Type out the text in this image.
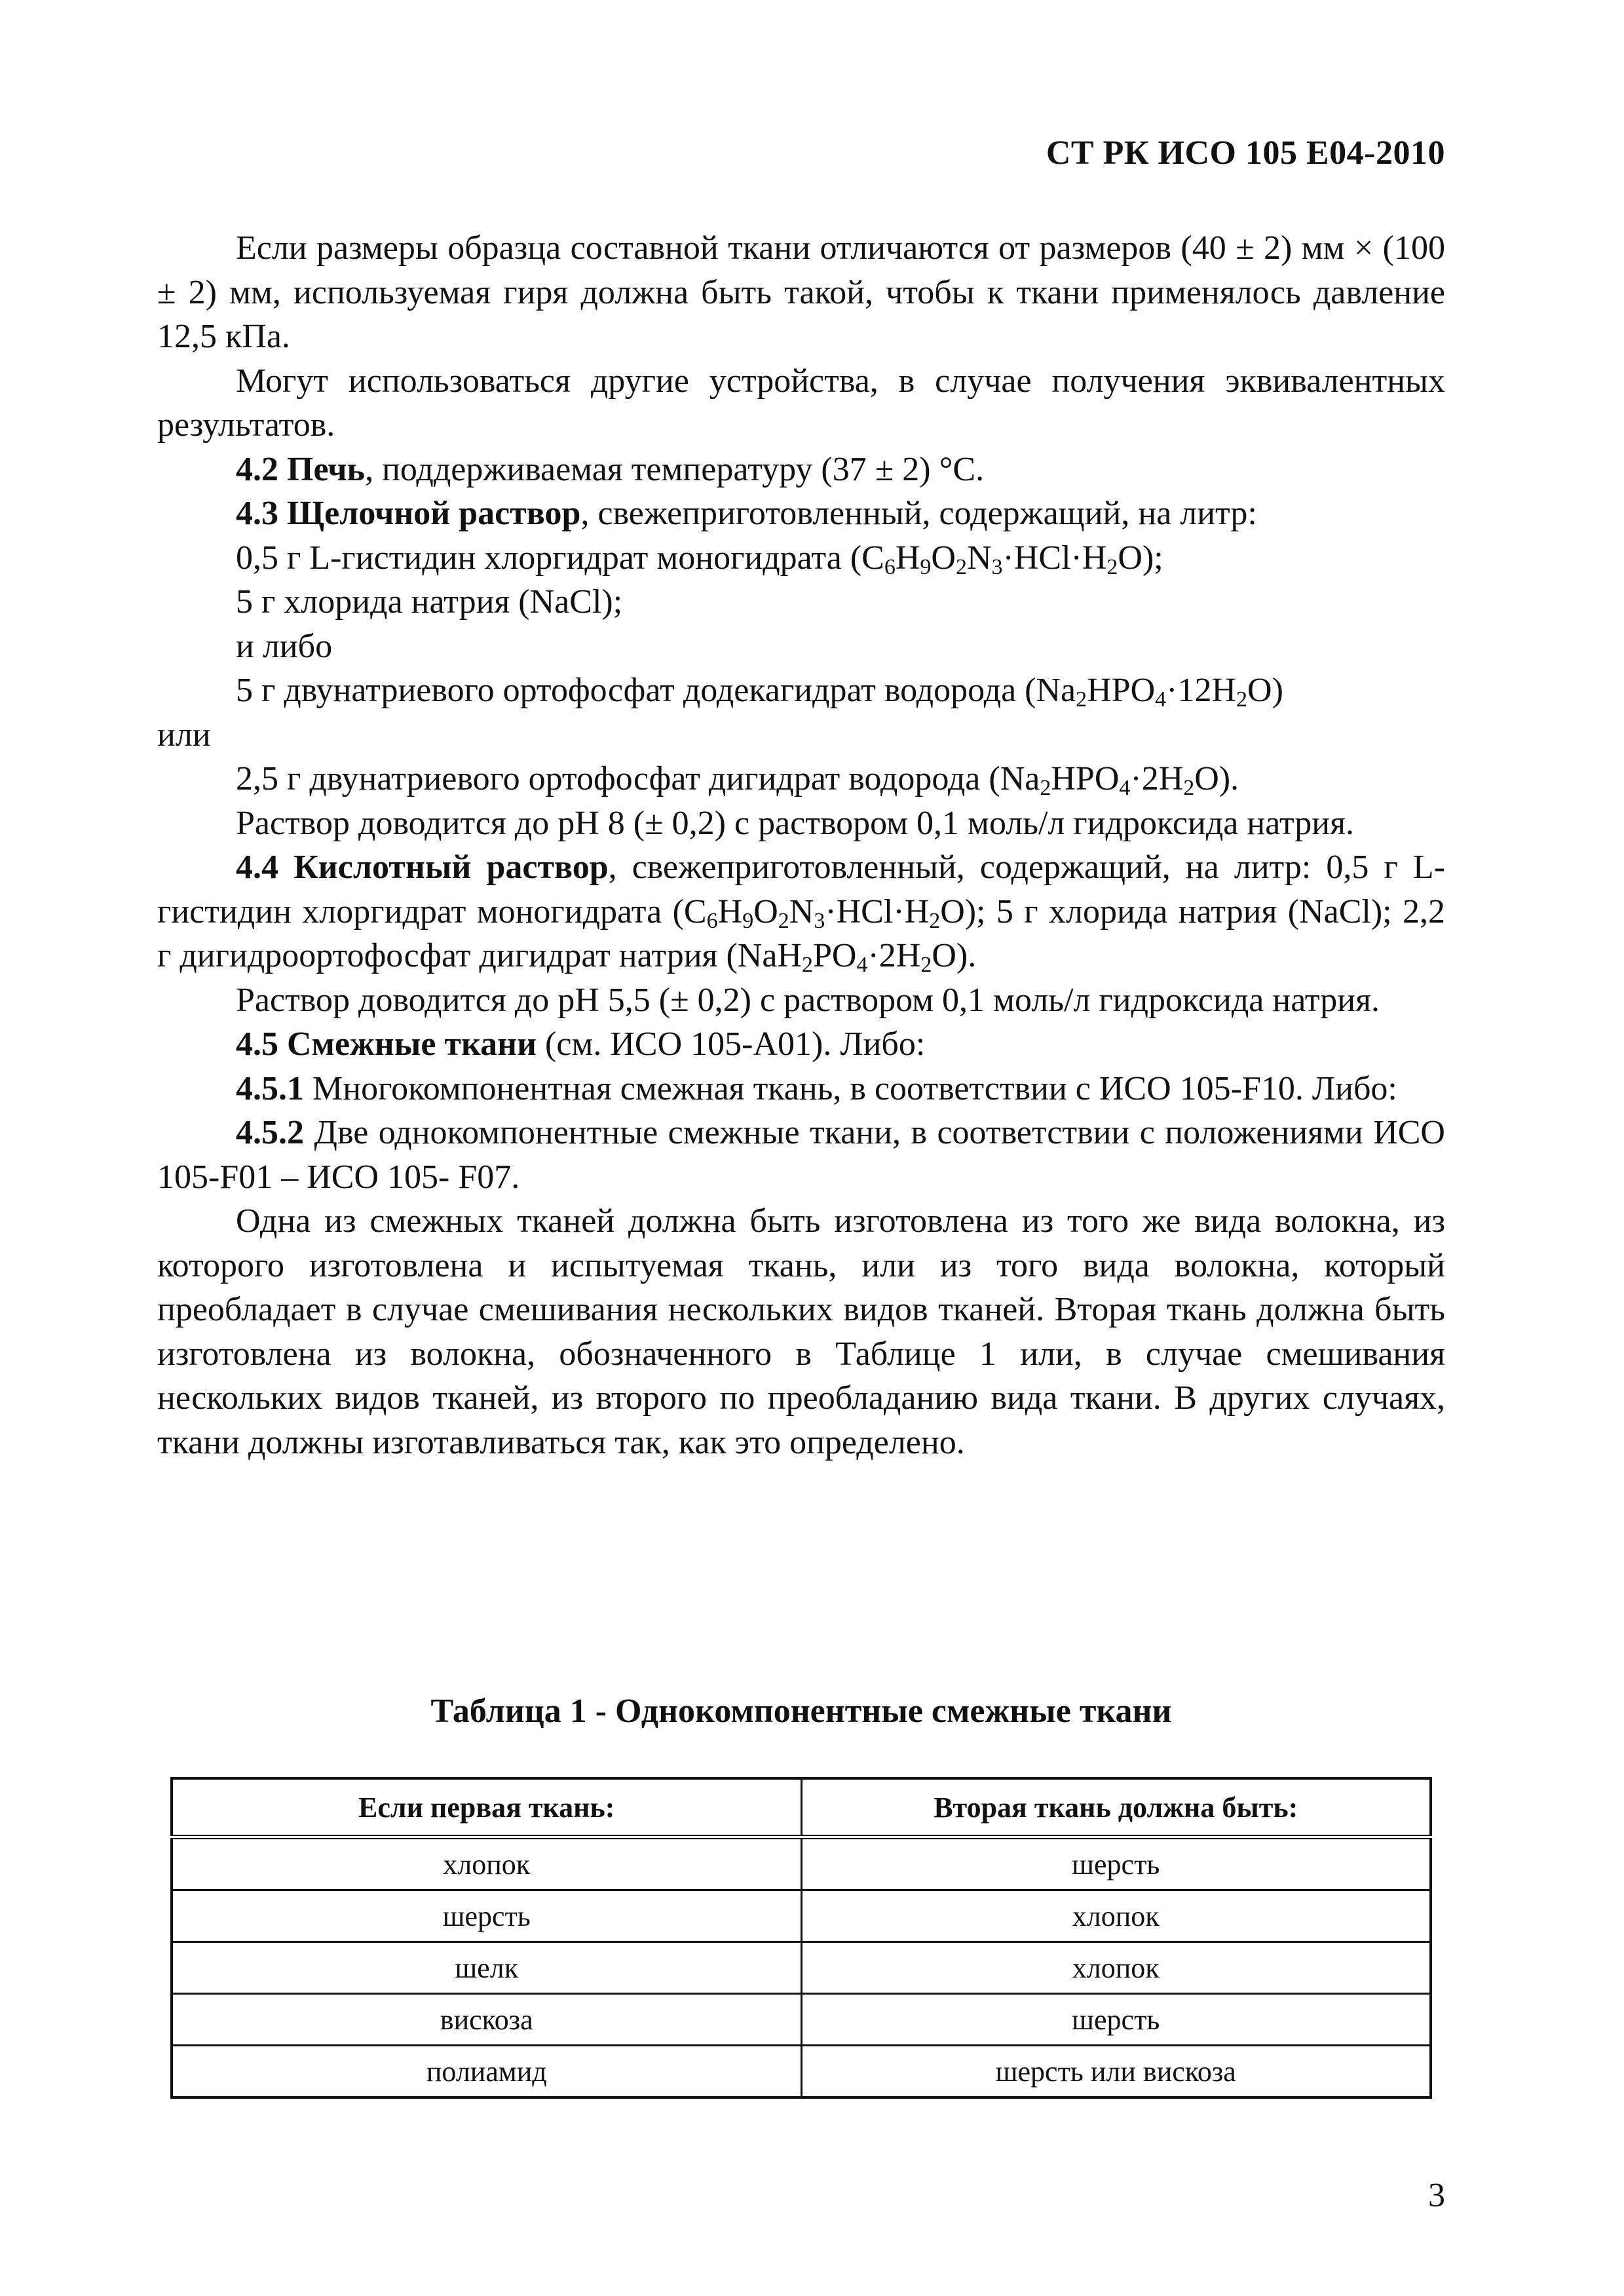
СТ РК ИСО 105 Е04-2010

Если размеры образца составной ткани отличаются от размеров (40 ± 2) мм × (100 ± 2) мм, используемая гиря должна быть такой, чтобы к ткани применялось давление 12,5 кПа.

Могут использоваться другие устройства, в случае получения эквивалентных результатов.

4.2 Печь, поддерживаемая температуру (37 ± 2) °С.

4.3 Щелочной раствор, свежеприготовленный, содержащий, на литр:

0,5 г L-гистидин хлоргидрат моногидрата $(C_6H_9O_2N_3\cdot HCl\cdot H_2O)$;

5 г хлорида натрия (NaCl);

и либо

5 г двунатриевого ортофосфат додекагидрат водорода $(Na_2HPO_4\cdot 12H_2O)$

или

2,5 г двунатриевого ортофосфат дигидрат водорода $(Na_2HPO_4\cdot 2H_2O)$.

Раствор доводится до рН 8 (± 0,2) с раствором 0,1 моль/л гидроксида натрия.

4.4 Кислотный раствор, свежеприготовленный, содержащий, на литр: 0,5 г L-гистидин хлоргидрат моногидрата $(C_6H_9O_2N_3\cdot HCl\cdot H_2O)$; 5 г хлорида натрия (NaCl); 2,2 г дигидроортофосфат дигидрат натрия $(NaH_2PO_4\cdot 2H_2O)$.

Раствор доводится до рН 5,5 (± 0,2) с раствором 0,1 моль/л гидроксида натрия.

4.5 Смежные ткани (см. ИСО 105-А01). Либо:

4.5.1 Многокомпонентная смежная ткань, в соответствии с ИСО 105-F10. Либо:

4.5.2 Две однокомпонентные смежные ткани, в соответствии с положениями ИСО 105-F01 – ИСО 105- F07.

Одна из смежных тканей должна быть изготовлена из того же вида волокна, из которого изготовлена и испытуемая ткань, или из того вида волокна, который преобладает в случае смешивания нескольких видов тканей. Вторая ткань должна быть изготовлена из волокна, обозначенного в Таблице 1 или, в случае смешивания нескольких видов тканей, из второго по преобладанию вида ткани. В других случаях, ткани должны изготавливаться так, как это определено.

Таблица 1 - Однокомпонентные смежные ткани
Если первая ткань:	Вторая ткань должна быть:
хлопок	шерсть
шерсть	хлопок
шелк	хлопок
вискоза	шерсть
полиамид	шерсть или вискоза
3
